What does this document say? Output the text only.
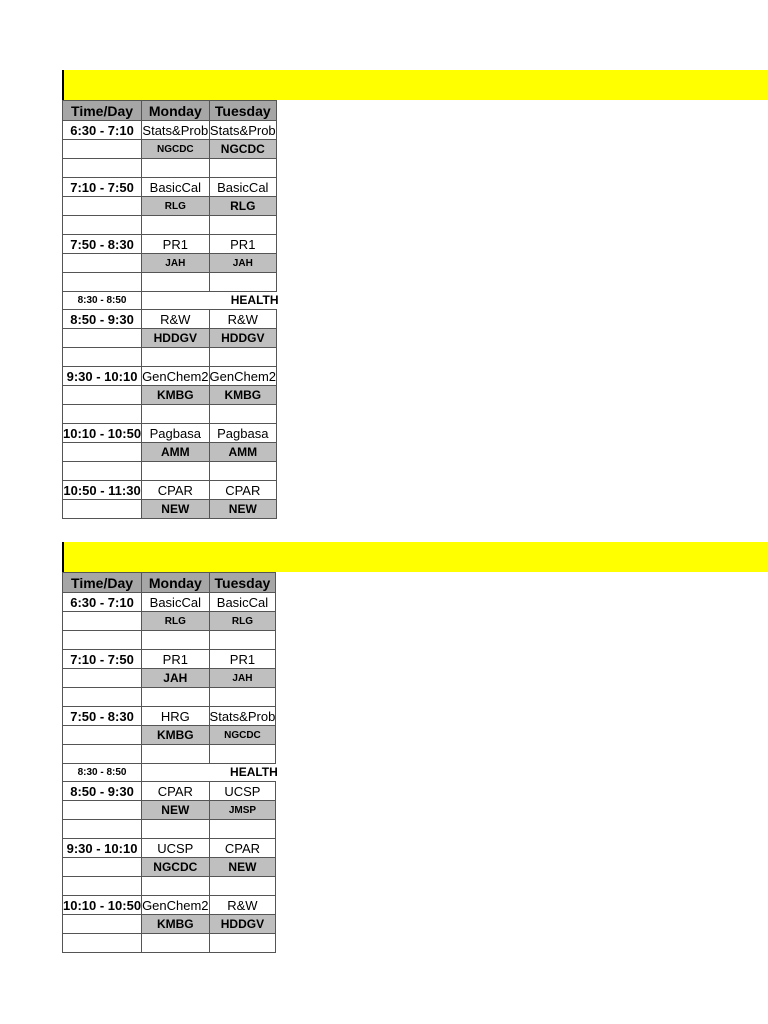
Time/Day	Monday	Tuesday
6:30 - 7:10	Stats&Prob	Stats&Prob
	NGCDC	NGCDC

7:10 - 7:50	BasicCal	BasicCal
	RLG	RLG

7:50 - 8:30	PR1	PR1
	JAH	JAH

8:30 - 8:50	HEALTH	

8:50 - 9:30	R&W	R&W
	HDDGV	HDDGV

9:30 - 10:10	GenChem2	GenChem2
	KMBG	KMBG

10:10 - 10:50	Pagbasa	Pagbasa
	AMM	AMM

10:50 - 11:30	CPAR	CPAR
	NEW	NEW
Time/Day	Monday	Tuesday
6:30 - 7:10	BasicCal	BasicCal
	RLG	RLG

7:10 - 7:50	PR1	PR1
	JAH	JAH

7:50 - 8:30	HRG	Stats&Prob
	KMBG	NGCDC

8:30 - 8:50	HEALTH	

8:50 - 9:30	CPAR	UCSP
	NEW	JMSP

9:30 - 10:10	UCSP	CPAR
	NGCDC	NEW

10:10 - 10:50	GenChem2	R&W
	KMBG	HDDGV
